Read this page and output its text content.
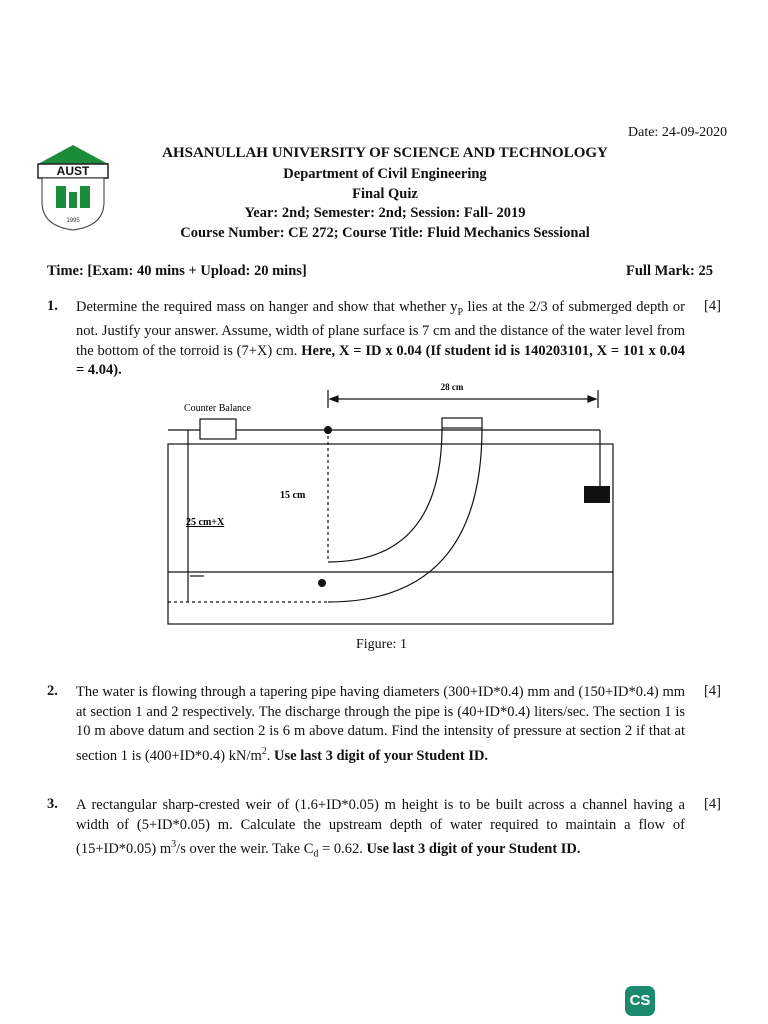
Date: 24-09-2020
AUST
1995
AHSANULLAH UNIVERSITY OF SCIENCE AND TECHNOLOGY
Department of Civil Engineering
Final Quiz
Year: 2nd; Semester: 2nd; Session: Fall- 2019
Course Number: CE 272; Course Title: Fluid Mechanics Sessional
Time: [Exam: 40 mins + Upload: 20 mins]	Full Mark: 25
1. Determine the required mass on hanger and show that whether $y_P$ lies at the 2/3 of submerged depth or not. Justify your answer. Assume, width of plane surface is 7 cm and the distance of the water level from the bottom of the torroid is (7+X) cm. Here, X = ID x 0.04 (If student id is 140203101, X = 101 x 0.04 = 4.04).
[4]
28 cm
Counter Balance
15 cm
25 cm+X
Figure: 1
2. The water is flowing through a tapering pipe having diameters (300+ID*0.4) mm and (150+ID*0.4) mm at section 1 and 2 respectively. The discharge through the pipe is (40+ID*0.4) liters/sec. The section 1 is 10 m above datum and section 2 is 6 m above datum. Find the intensity of pressure at section 2 if that at section 1 is (400+ID*0.4) $kN/m^2$. Use last 3 digit of your Student ID.
[4]
3. A rectangular sharp-crested weir of (1.6+ID*0.05) m height is to be built across a channel having a width of (5+ID*0.05) m. Calculate the upstream depth of water required to maintain a flow of (15+ID*0.05) $m^3/s$ over the weir. Take $C_d = 0.62$. Use last 3 digit of your Student ID.
[4]
CS
